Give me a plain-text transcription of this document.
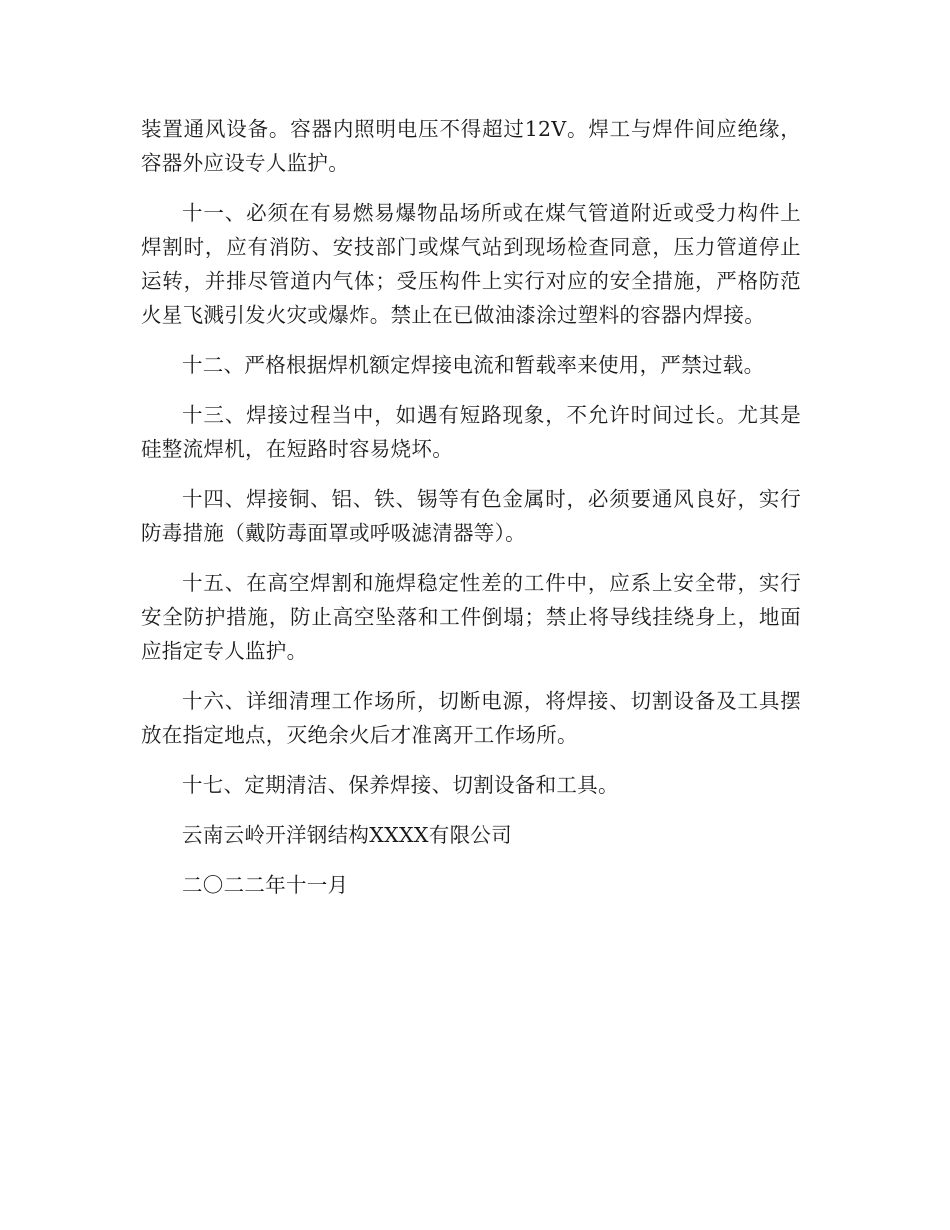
装置通风设备。容器内照明电压不得超过12V。焊工与焊件间应绝缘，容器外应设专人监护。

十一、必须在有易燃易爆物品场所或在煤气管道附近或受力构件上焊割时，应有消防、安技部门或煤气站到现场检查同意，压力管道停止运转，并排尽管道内气体；受压构件上实行对应的安全措施，严格防范火星飞溅引发火灾或爆炸。禁止在已做油漆涂过塑料的容器内焊接。

十二、严格根据焊机额定焊接电流和暂载率来使用，严禁过载。

十三、焊接过程当中，如遇有短路现象，不允许时间过长。尤其是硅整流焊机，在短路时容易烧坏。

十四、焊接铜、铝、铁、锡等有色金属时，必须要通风良好，实行防毒措施（戴防毒面罩或呼吸滤清器等）。

十五、在高空焊割和施焊稳定性差的工件中，应系上安全带，实行安全防护措施，防止高空坠落和工件倒塌；禁止将导线挂绕身上，地面应指定专人监护。

十六、详细清理工作场所，切断电源，将焊接、切割设备及工具摆放在指定地点，灭绝余火后才准离开工作场所。

十七、定期清洁、保养焊接、切割设备和工具。

云南云岭开洋钢结构XXXX有限公司

二〇二二年十一月
